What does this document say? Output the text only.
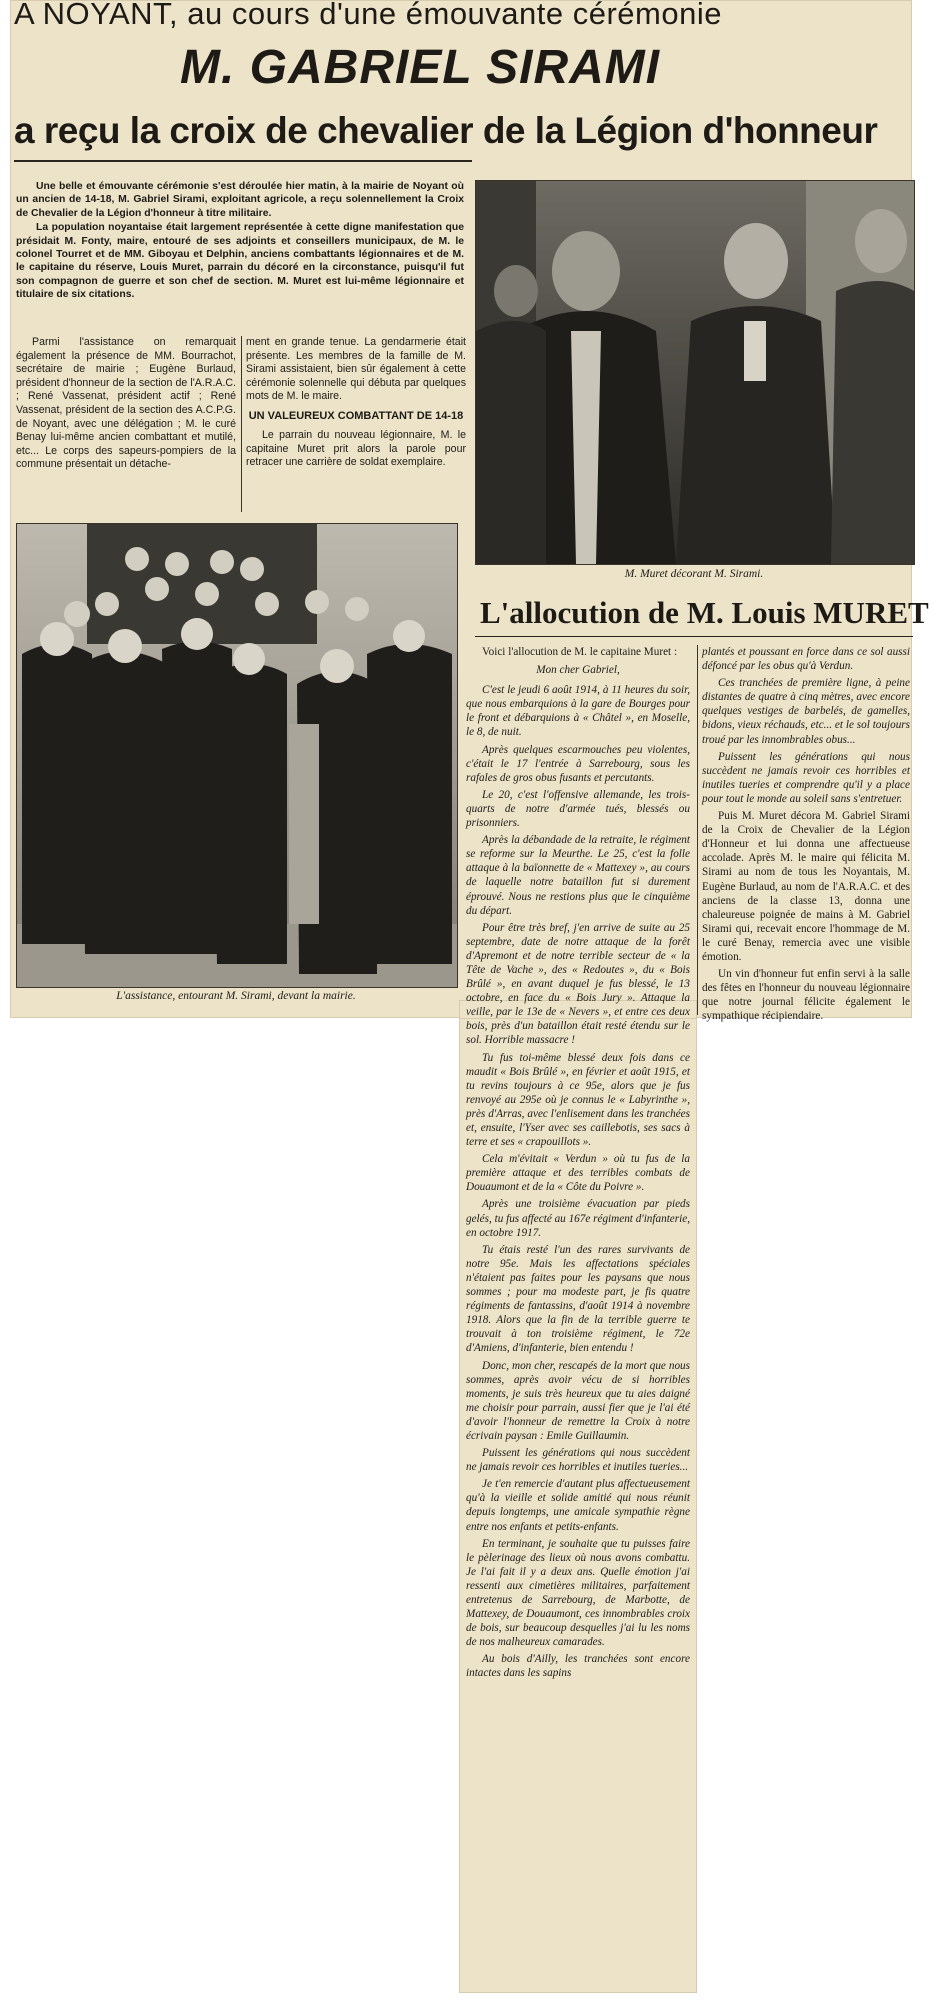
A NOYANT, au cours d'une émouvante cérémonie
M. GABRIEL SIRAMI
a reçu la croix de chevalier de la Légion d'honneur

Une belle et émouvante cérémonie s'est déroulée hier matin, à la mairie de Noyant où un ancien de 14-18, M. Gabriel Sirami, exploitant agricole, a reçu solennellement la Croix de Chevalier de la Légion d'honneur à titre militaire.

La population noyantaise était largement représentée à cette digne manifestation que présidait M. Fonty, maire, entouré de ses adjoints et conseillers municipaux, de M. le colonel Tourret et de MM. Giboyau et Delphin, anciens combattants légionnaires et de M. le capitaine du réserve, Louis Muret, parrain du décoré en la circonstance, puisqu'il fut son compagnon de guerre et son chef de section. M. Muret est lui-même légionnaire et titulaire de six citations.

Parmi l'assistance on remarquait également la présence de MM. Bourrachot, secrétaire de mairie ; Eugène Burlaud, président d'honneur de la section de l'A.R.A.C. ; René Vassenat, président actif ; René Vassenat, président de la section des A.C.P.G. de Noyant, avec une délégation ; M. le curé Benay lui-même ancien combattant et mutilé, etc... Le corps des sapeurs-pompiers de la commune présentait un détache-

ment en grande tenue. La gendarmerie était présente. Les membres de la famille de M. Sirami assistaient, bien sûr également à cette cérémonie solennelle qui débuta par quelques mots de M. le maire.

UN VALEUREUX COMBATTANT DE 14-18

Le parrain du nouveau légionnaire, M. le capitaine Muret prit alors la parole pour retracer une carrière de soldat exemplaire.

M. Muret décorant M. Sirami.
L'assistance, entourant M. Sirami, devant la mairie.
L'allocution de M. Louis MURET

Voici l'allocution de M. le capitaine Muret :

Mon cher Gabriel,

C'est le jeudi 6 août 1914, à 11 heures du soir, que nous embarquions à la gare de Bourges pour le front et débarquions à « Châtel », en Moselle, le 8, de nuit.

Après quelques escarmouches peu violentes, c'était le 17 l'entrée à Sarrebourg, sous les rafales de gros obus fusants et percutants.

Le 20, c'est l'offensive allemande, les trois-quarts de notre d'armée tués, blessés ou prisonniers.

Après la débandade de la retraite, le régiment se reforme sur la Meurthe. Le 25, c'est la folle attaque à la baïonnette de « Mattexey », au cours de laquelle notre bataillon fut si durement éprouvé. Nous ne restions plus que le cinquième du départ.

Pour être très bref, j'en arrive de suite au 25 septembre, date de notre attaque de la forêt d'Apremont et de notre terrible secteur de « la Tête de Vache », des « Redoutes », du « Bois Brûlé », en avant duquel je fus blessé, le 13 octobre, en face du « Bois Jury ». Attaque la veille, par le 13e de « Nevers », et entre ces deux bois, près d'un bataillon était resté étendu sur le sol. Horrible massacre !

Tu fus toi-même blessé deux fois dans ce maudit « Bois Brûlé », en février et août 1915, et tu revins toujours à ce 95e, alors que je fus renvoyé au 295e où je connus le « Labyrinthe », près d'Arras, avec l'enlisement dans les tranchées et, ensuite, l'Yser avec ses caillebotis, ses sacs à terre et ses « crapouillots ».

Cela m'évitait « Verdun » où tu fus de la première attaque et des terribles combats de Douaumont et de la « Côte du Poivre ».

Après une troisième évacuation par pieds gelés, tu fus affecté au 167e régiment d'infanterie, en octobre 1917.

Tu étais resté l'un des rares survivants de notre 95e. Mais les affectations spéciales n'étaient pas faites pour les paysans que nous sommes ; pour ma modeste part, je fis quatre régiments de fantassins, d'août 1914 à novembre 1918. Alors que la fin de la terrible guerre te trouvait à ton troisième régiment, le 72e d'Amiens, d'infanterie, bien entendu !

Donc, mon cher, rescapés de la mort que nous sommes, après avoir vécu de si horribles moments, je suis très heureux que tu aies daigné me choisir pour parrain, aussi fier que je l'ai été d'avoir l'honneur de remettre la Croix à notre écrivain paysan : Emile Guillaumin.

Puissent les générations qui nous succèdent ne jamais revoir ces horribles et inutiles tueries...

Je t'en remercie d'autant plus affectueusement qu'à la vieille et solide amitié qui nous réunit depuis longtemps, une amicale sympathie règne entre nos enfants et petits-enfants.

En terminant, je souhaite que tu puisses faire le pèlerinage des lieux où nous avons combattu. Je l'ai fait il y a deux ans. Quelle émotion j'ai ressenti aux cimetières militaires, parfaitement entretenus de Sarrebourg, de Marbotte, de Mattexey, de Douaumont, ces innombrables croix de bois, sur beaucoup desquelles j'ai lu les noms de nos malheureux camarades.

Au bois d'Ailly, les tranchées sont encore intactes dans les sapins

plantés et poussant en force dans ce sol aussi défoncé par les obus qu'à Verdun.

Ces tranchées de première ligne, à peine distantes de quatre à cinq mètres, avec encore quelques vestiges de barbelés, de gamelles, bidons, vieux réchauds, etc... et le sol toujours troué par les innombrables obus...

Puissent les générations qui nous succèdent ne jamais revoir ces horribles et inutiles tueries et comprendre qu'il y a place pour tout le monde au soleil sans s'entretuer.

Puis M. Muret décora M. Gabriel Sirami de la Croix de Chevalier de la Légion d'Honneur et lui donna une affectueuse accolade. Après M. le maire qui félicita M. Sirami au nom de tous les Noyantais, M. Eugène Burlaud, au nom de l'A.R.A.C. et des anciens de la classe 13, donna une chaleureuse poignée de mains à M. Gabriel Sirami qui, recevait encore l'hommage de M. le curé Benay, remercia avec une visible émotion.

Un vin d'honneur fut enfin servi à la salle des fêtes en l'honneur du nouveau légionnaire que notre journal félicite également le sympathique récipiendaire.
